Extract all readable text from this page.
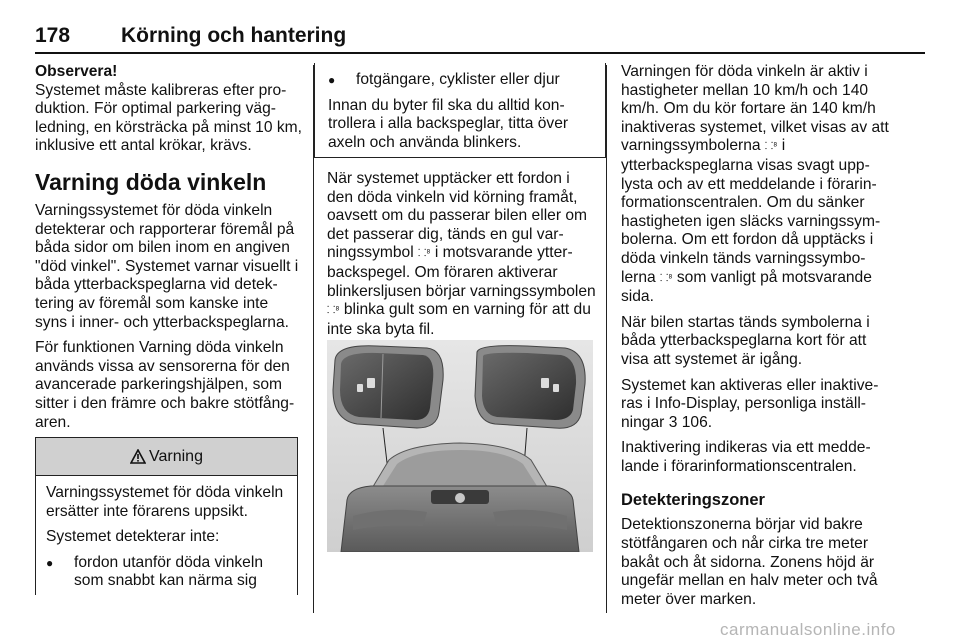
178 Körning och hantering

Observera!
Systemet måste kalibreras efter produktion. För optimal parkering vägledning, en körsträcka på minst 10 km, inklusive ett antal krökar, krävs.

Varning döda vinkeln

Varningssystemet för döda vinkeln detekterar och rapporterar föremål på båda sidor om bilen inom en angiven "död vinkel". Systemet varnar visuellt i båda ytterbackspeglarna vid detektering av föremål som kanske inte syns i inner- och ytterbackspeglarna.

För funktionen Varning döda vinkeln används vissa av sensorerna för den avancerade parkeringshjälpen, som sitter i den främre och bakre stötfångaren.

Varning

Varningssystemet för döda vinkeln ersätter inte förarens uppsikt.

Systemet detekterar inte:

● fordon utanför döda vinkeln som snabbt kan närma sig

● fotgängare, cyklister eller djur

Innan du byter fil ska du alltid kontrollera i alla backspeglar, titta över axeln och använda blinkers.

När systemet upptäcker ett fordon i den döda vinkeln vid körning framåt, oavsett om du passerar bilen eller om det passerar dig, tänds en gul varningssymbol ⸬⁸ i motsvarande ytterbackspegel. Om föraren aktiverar blinkersljusen börjar varningssymbolen ⸬⁸ blinka gult som en varning för att du inte ska byta fil.

Varningen för döda vinkeln är aktiv i hastigheter mellan 10 km/h och 140 km/h. Om du kör fortare än 140 km/h inaktiveras systemet, vilket visas av att varningssymbolerna ⸬⁸ i ytterbackspeglarna visas svagt upplysta och av ett meddelande i förarinformationscentralen. Om du sänker hastigheten igen släcks varningssymbolerna. Om ett fordon då upptäcks i döda vinkeln tänds varningssymbolerna ⸬⁸ som vanligt på motsvarande sida.

När bilen startas tänds symbolerna i båda ytterbackspeglarna kort för att visa att systemet är igång.

Systemet kan aktiveras eller inaktiveras i Info-Display, personliga inställningar 3 106.

Inaktivering indikeras via ett meddelande i förarinformationscentralen.

Detekteringszoner

Detektionszonerna börjar vid bakre stötfångaren och når cirka tre meter bakåt och åt sidorna. Zonens höjd är ungefär mellan en halv meter och två meter över marken.

carmanualsonline.info
